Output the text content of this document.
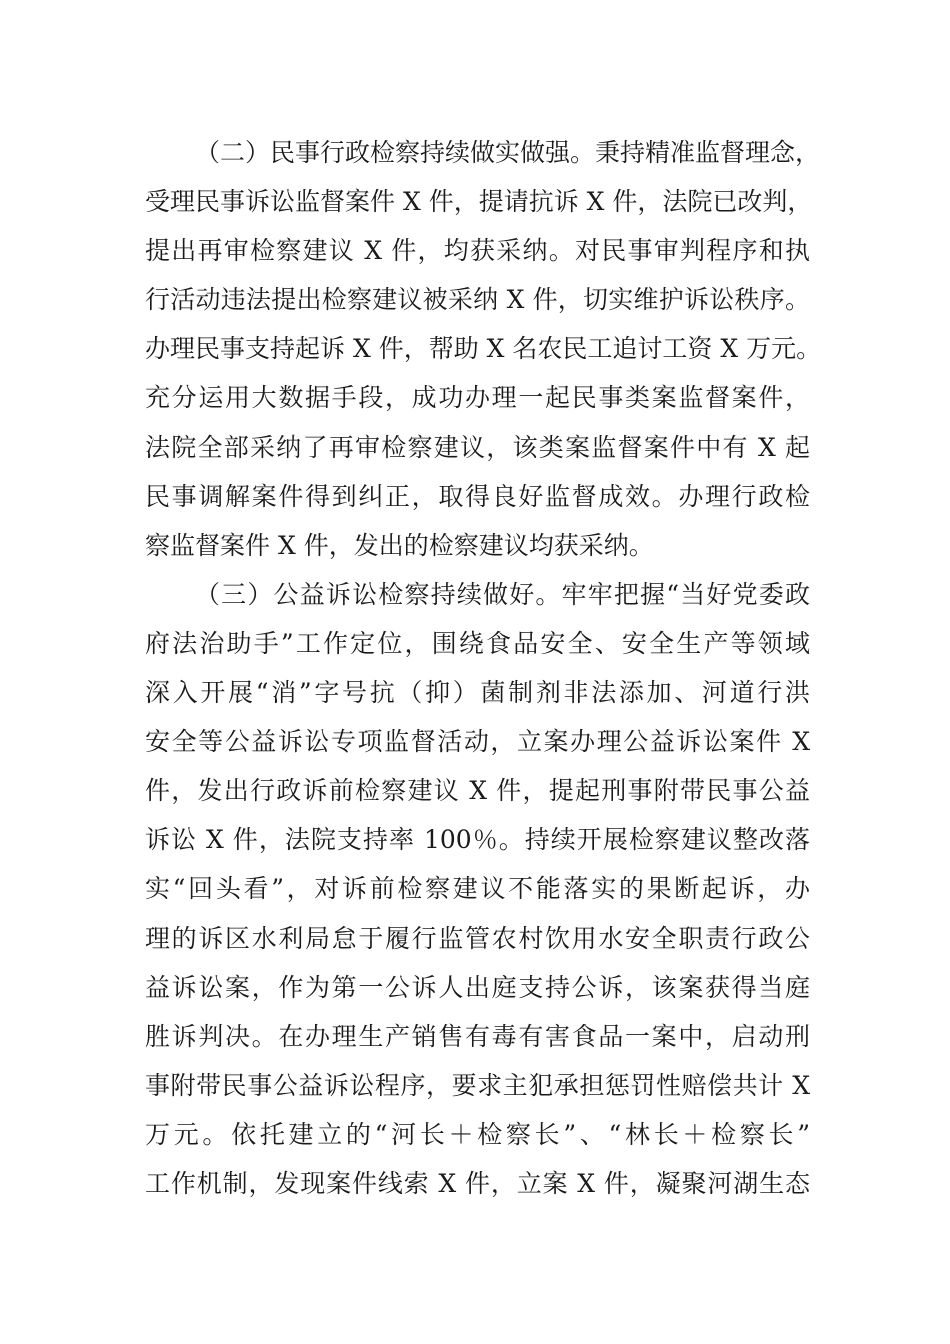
（二）民事行政检察持续做实做强。秉持精准监督理念，
受理民事诉讼监督案件 X 件，提请抗诉 X 件，法院已改判，
提出再审检察建议 X 件，均获采纳。对民事审判程序和执
行活动违法提出检察建议被采纳 X 件，切实维护诉讼秩序。
办理民事支持起诉 X 件，帮助 X 名农民工追讨工资 X 万元。
充分运用大数据手段，成功办理一起民事类案监督案件，
法院全部采纳了再审检察建议，该类案监督案件中有 X 起
民事调解案件得到纠正，取得良好监督成效。办理行政检
察监督案件 X 件，发出的检察建议均获采纳。
（三）公益诉讼检察持续做好。牢牢把握“当好党委政
府法治助手”工作定位，围绕食品安全、安全生产等领域
深入开展“消”字号抗（抑）菌制剂非法添加、河道行洪
安全等公益诉讼专项监督活动，立案办理公益诉讼案件 X
件，发出行政诉前检察建议 X 件，提起刑事附带民事公益
诉讼 X 件，法院支持率 100％。持续开展检察建议整改落
实“回头看”，对诉前检察建议不能落实的果断起诉，办
理的诉区水利局怠于履行监管农村饮用水安全职责行政公
益诉讼案，作为第一公诉人出庭支持公诉，该案获得当庭
胜诉判决。在办理生产销售有毒有害食品一案中，启动刑
事附带民事公益诉讼程序，要求主犯承担惩罚性赔偿共计 X
万元。依托建立的“河长＋检察长”、“林长＋检察长”
工作机制，发现案件线索 X 件，立案 X 件，凝聚河湖生态
